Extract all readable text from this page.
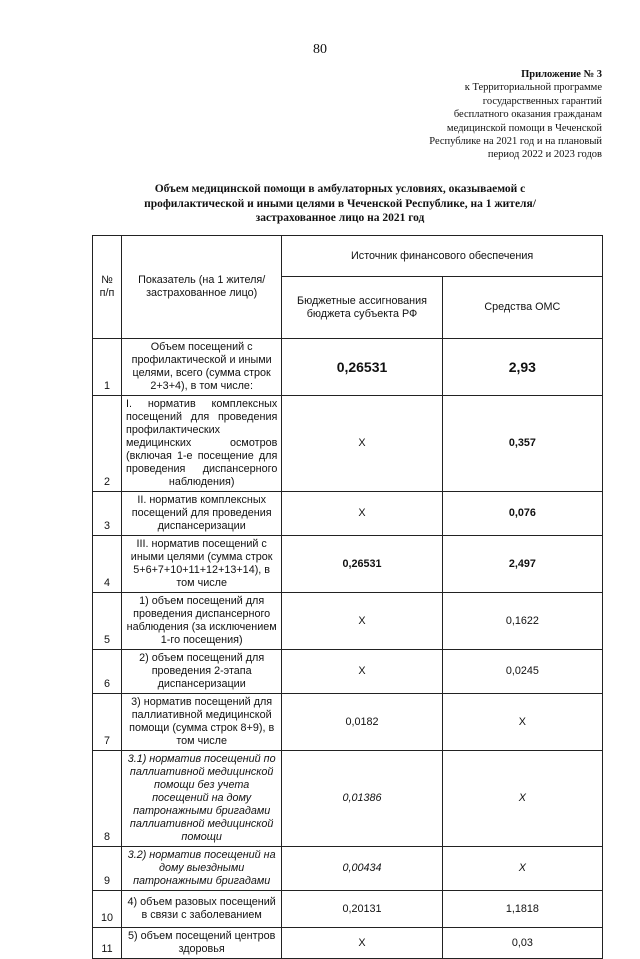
80
Приложение № 3
к Территориальной программе
государственных гарантий
бесплатного оказания гражданам
медицинской помощи в Чеченской
Республике на 2021 год и на плановый
период 2022 и 2023 годов
Объем медицинской помощи в амбулаторных условиях, оказываемой с профилактической и иными целями в Чеченской Республике, на 1 жителя/застрахованное лицо на 2021 год
№ п/п	Показатель (на 1 жителя/застрахованное лицо)	Источник финансового обеспечения	
		Бюджетные ассигнования бюджета субъекта РФ	Средства ОМС
1	Объем посещений с профилактической и иными целями, всего (сумма строк 2+3+4), в том числе:	0,26531	2,93
2	I. норматив комплексных посещений для проведения профилактических медицинских осмотров (включая 1-е посещение для проведения диспансерного наблюдения)	Х	0,357
3	II. норматив комплексных посещений для проведения диспансеризации	Х	0,076
4	III. норматив посещений с иными целями (сумма строк 5+6+7+10+11+12+13+14), в том числе	0,26531	2,497
5	1) объем посещений для проведения диспансерного наблюдения (за исключением 1-го посещения)	Х	0,1622
6	2) объем посещений для проведения 2-этапа диспансеризации	Х	0,0245
7	3) норматив посещений для паллиативной медицинской помощи (сумма строк 8+9), в том числе	0,0182	Х
8	3.1) норматив посещений по паллиативной медицинской помощи без учета посещений на дому патронажными бригадами паллиативной медицинской помощи	0,01386	Х
9	3.2) норматив посещений на дому выездными патронажными бригадами	0,00434	Х
10	4) объем разовых посещений в связи с заболеванием	0,20131	1,1818
11	5) объем посещений центров здоровья	Х	0,03
